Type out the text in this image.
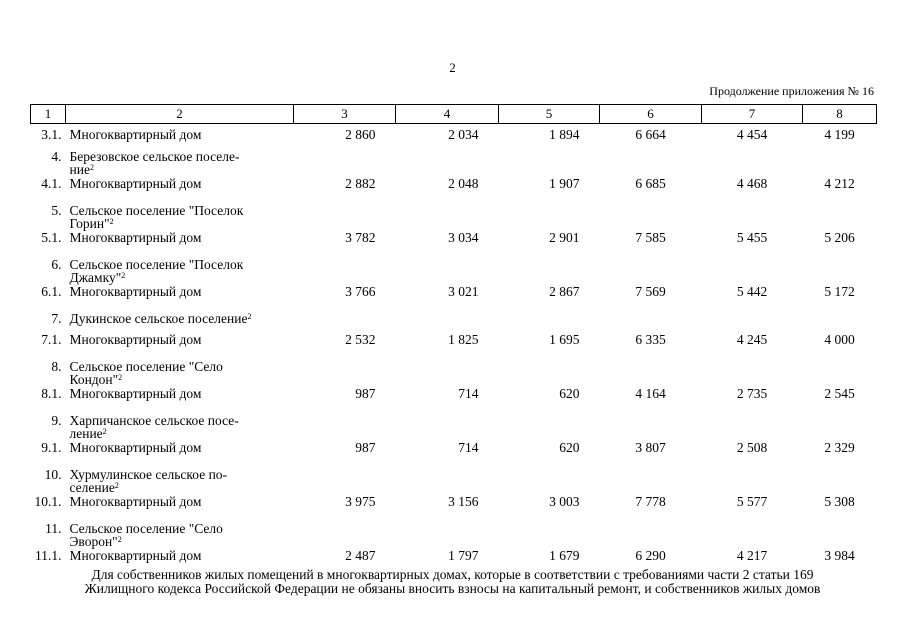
2
Продолжение приложения № 16
1	2	3	4	5	6	7	8
3.1.	Многоквартирный дом	2 860	2 034	1 894	6 664	4 454	4 199
4.	Березовское сельское поселе-
ние$^2$

4.1.	Многоквартирный дом	2 882	2 048	1 907	6 685	4 468	4 212
5.	Сельское поселение "Поселок
Горин"$^2$

5.1.	Многоквартирный дом	3 782	3 034	2 901	7 585	5 455	5 206
6.	Сельское поселение "Поселок
Джамку"$^2$

6.1.	Многоквартирный дом	3 766	3 021	2 867	7 569	5 442	5 172
7.	Дукинское сельское поселение$^2$

7.1.	Многоквартирный дом	2 532	1 825	1 695	6 335	4 245	4 000
8.	Сельское поселение "Село
Кондон"$^2$

8.1.	Многоквартирный дом	987	714	620	4 164	2 735	2 545
9.	Харпичанское сельское посе-
ление$^2$

9.1.	Многоквартирный дом	987	714	620	3 807	2 508	2 329
10.	Хурмулинское сельское по-
селение$^2$

10.1.	Многоквартирный дом	3 975	3 156	3 003	7 778	5 577	5 308
11.	Сельское поселение "Село
Эворон"$^2$

11.1.	Многоквартирный дом	2 487	1 797	1 679	6 290	4 217	3 984
Для собственников жилых помещений в многоквартирных домах, которые в соответствии с требованиями части 2 статьи 169
Жилищного кодекса Российской Федерации не обязаны вносить взносы на капитальный ремонт, и собственников жилых домов
